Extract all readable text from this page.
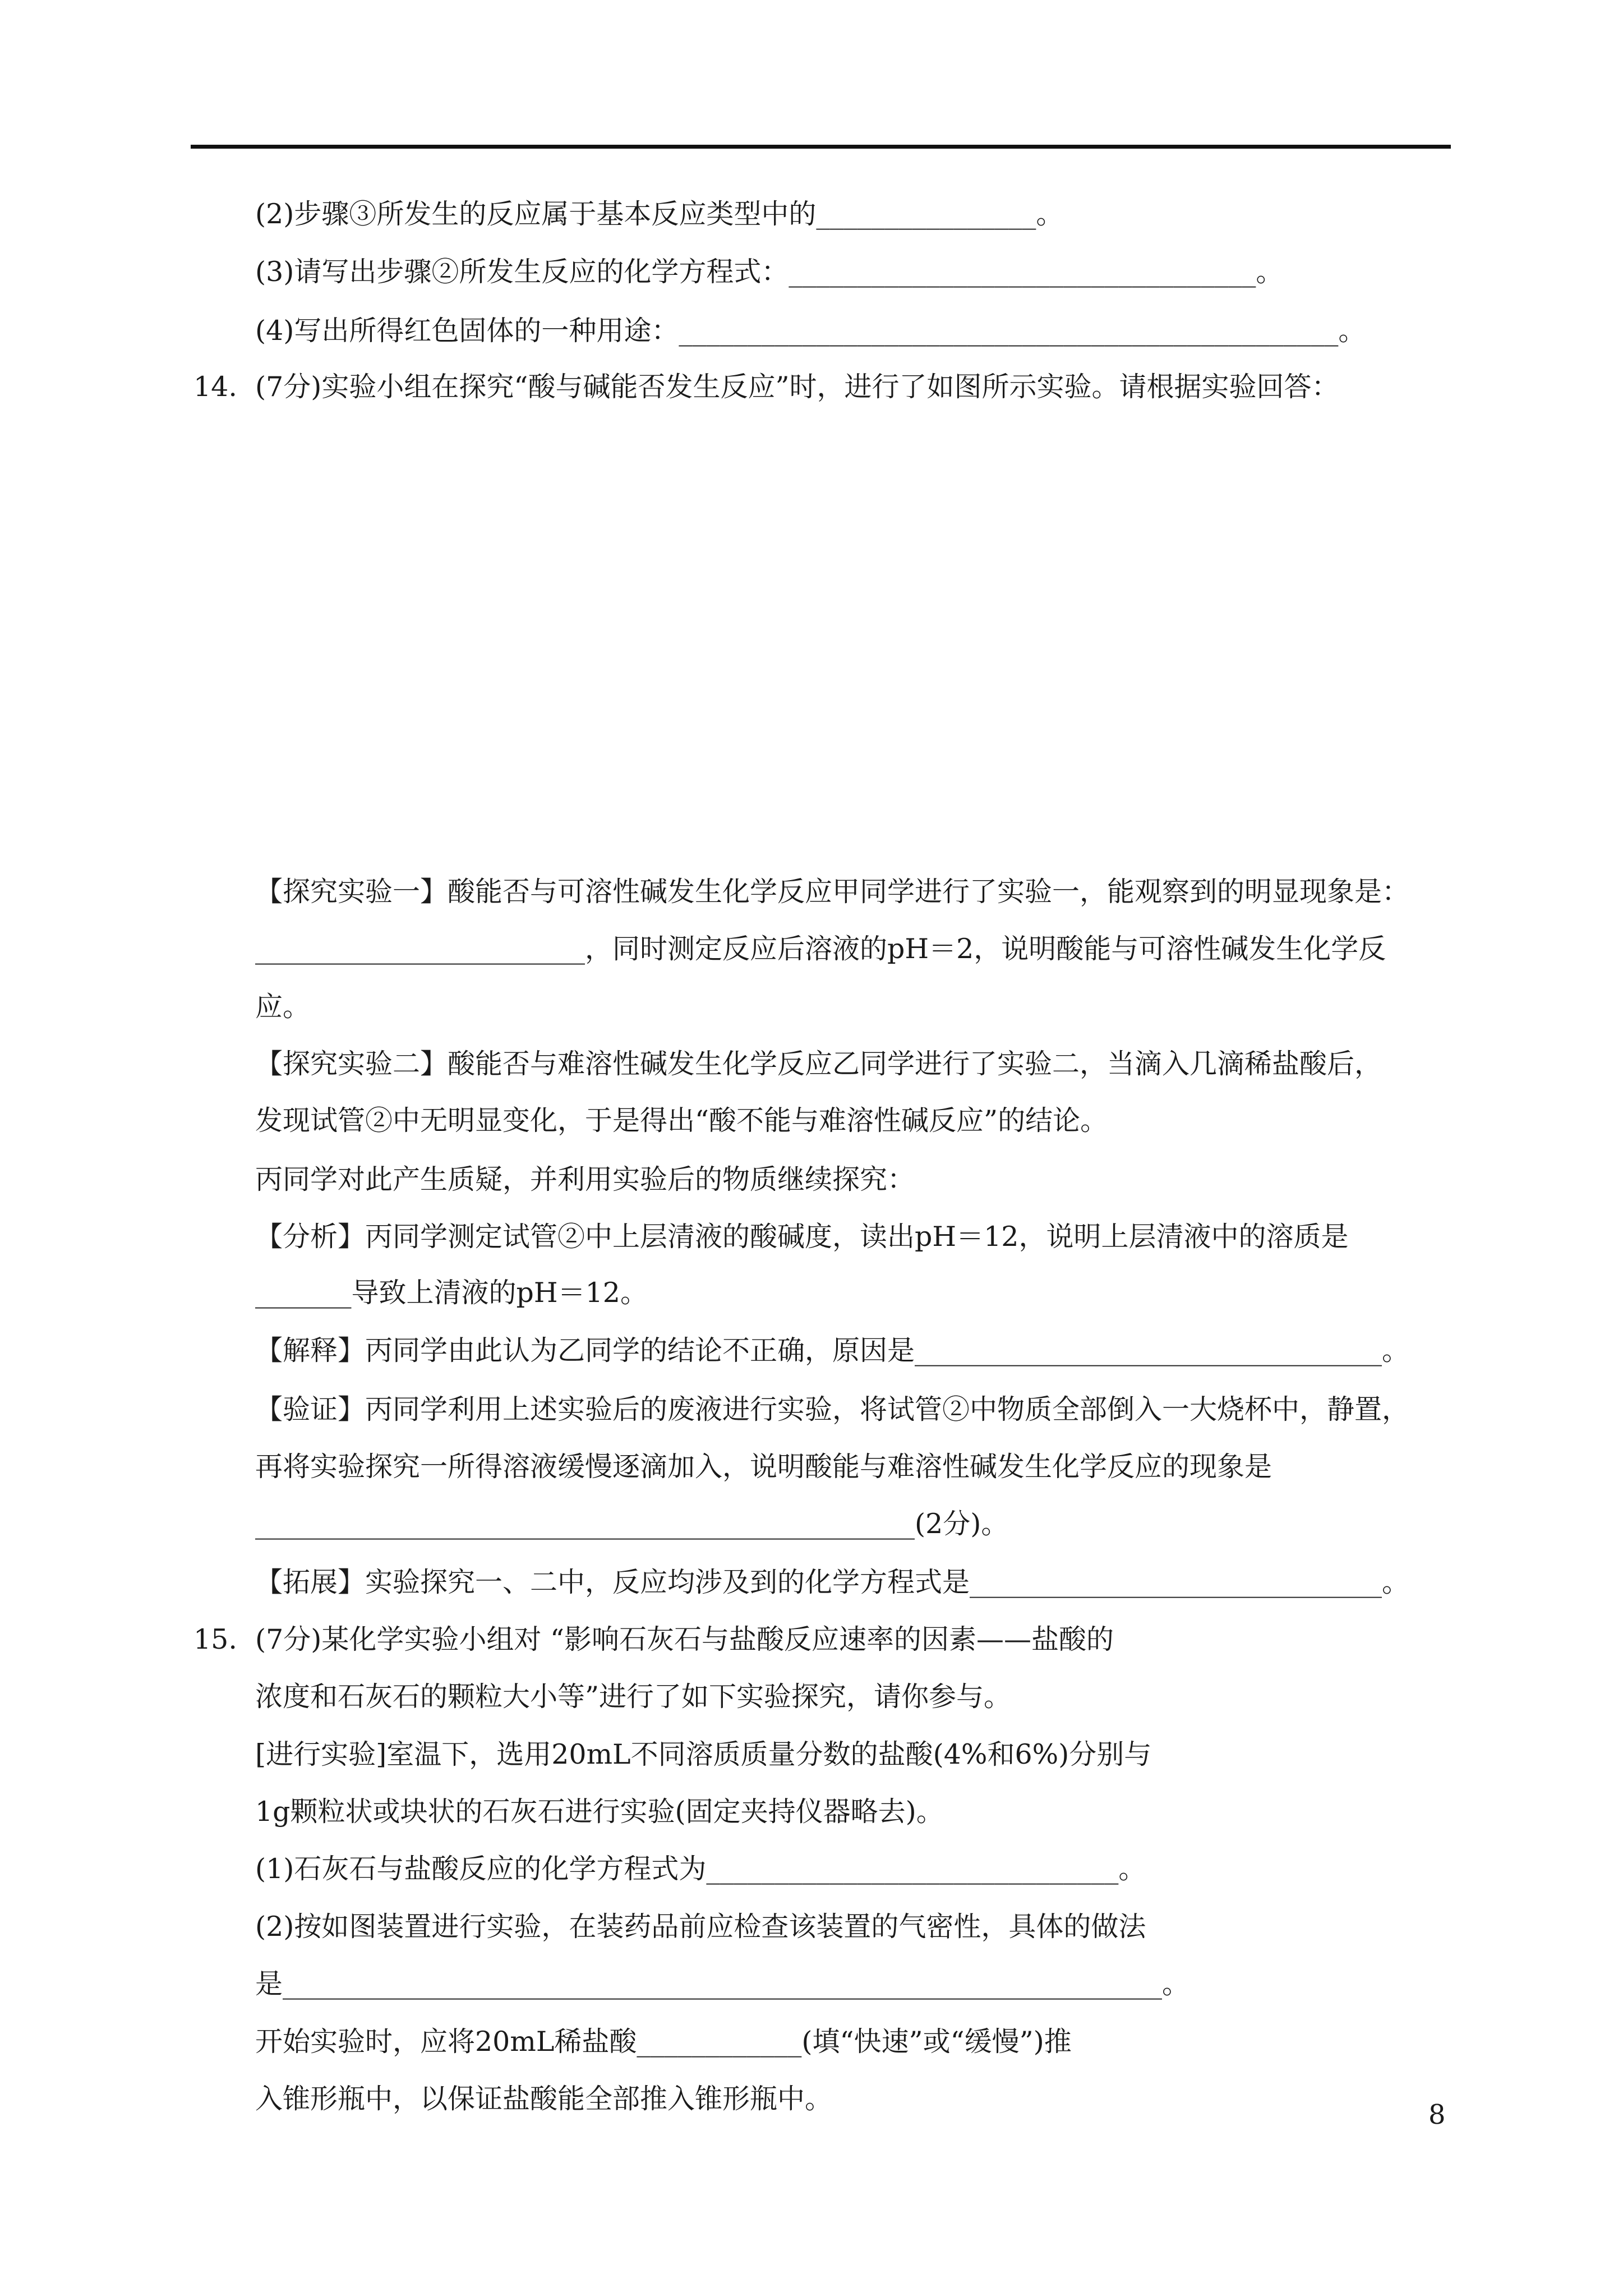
(2)步骤③所发生的反应属于基本反应类型中的________________。
(3)请写出步骤②所发生反应的化学方程式：__________________________________。
(4)写出所得红色固体的一种用途：________________________________________________。
14. (7分)实验小组在探究“酸与碱能否发生反应”时，进行了如图所示实验。请根据实验回答：
【探究实验一】酸能否与可溶性碱发生化学反应甲同学进行了实验一，能观察到的明显现象是：
________________________，同时测定反应后溶液的pH＝2，说明酸能与可溶性碱发生化学反
应。
【探究实验二】酸能否与难溶性碱发生化学反应乙同学进行了实验二，当滴入几滴稀盐酸后，
发现试管②中无明显变化，于是得出“酸不能与难溶性碱反应”的结论。
丙同学对此产生质疑，并利用实验后的物质继续探究：
【分析】丙同学测定试管②中上层清液的酸碱度，读出pH＝12，说明上层清液中的溶质是
_______导致上清液的pH＝12。
【解释】丙同学由此认为乙同学的结论不正确，原因是__________________________________。
【验证】丙同学利用上述实验后的废液进行实验，将试管②中物质全部倒入一大烧杯中，静置，
再将实验探究一所得溶液缓慢逐滴加入，说明酸能与难溶性碱发生化学反应的现象是
________________________________________________(2分)。
【拓展】实验探究一、二中，反应均涉及到的化学方程式是______________________________。
15. (7分)某化学实验小组对 “影响石灰石与盐酸反应速率的因素——盐酸的
浓度和石灰石的颗粒大小等”进行了如下实验探究，请你参与。
[进行实验]室温下，选用20mL不同溶质质量分数的盐酸(4%和6%)分别与
1g颗粒状或块状的石灰石进行实验(固定夹持仪器略去)。
(1)石灰石与盐酸反应的化学方程式为______________________________。
(2)按如图装置进行实验，在装药品前应检查该装置的气密性，具体的做法
是________________________________________________________________。
开始实验时，应将20mL稀盐酸____________(填“快速”或“缓慢”)推
入锥形瓶中，以保证盐酸能全部推入锥形瓶中。	8
